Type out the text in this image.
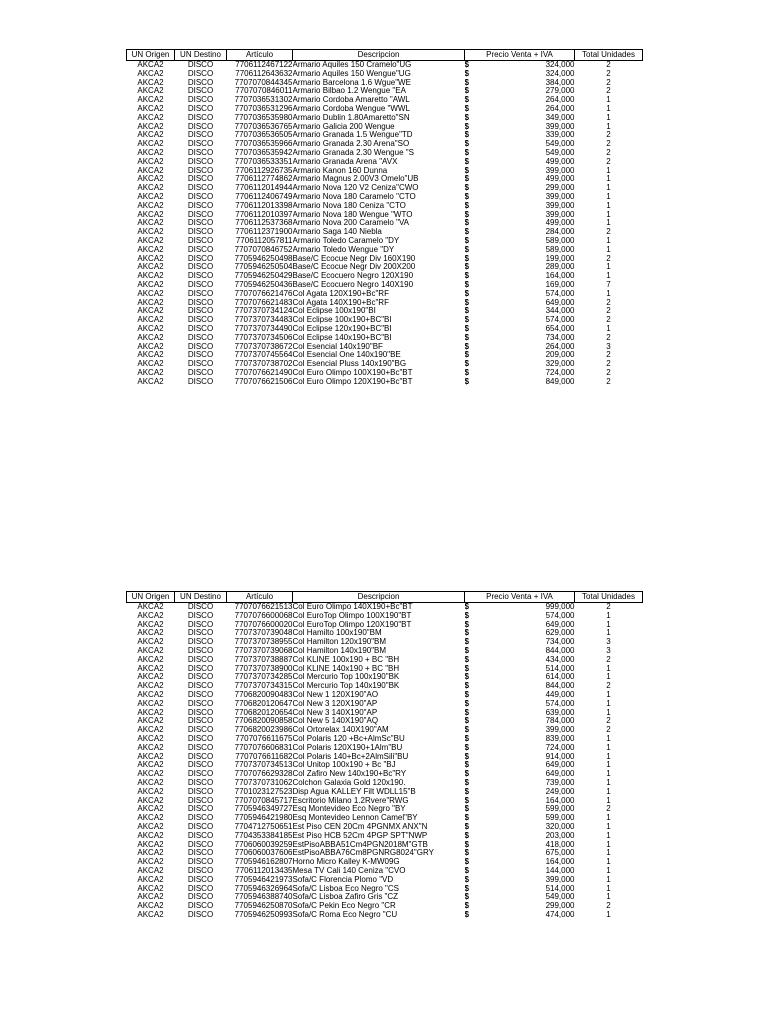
UN Origen	UN Destino	Artículo	Descripcion	Precio Venta + IVA		Total Unidades
AKCA2	DISCO	7706112467122	Armario Aquiles 150 Cramelo"UG	$	324,000	2
AKCA2	DISCO	7706112643632	Armario Aquiles 150 Wengue"UG	$	324,000	2
AKCA2	DISCO	7707070844345	Armario Barcelona 1.6 Wgue"WE	$	384,000	2
AKCA2	DISCO	7707070846011	Armario Bilbao 1.2 Wengue "EA	$	279,000	2
AKCA2	DISCO	7707036531302	Armario Cordoba Amaretto "AWL	$	264,000	1
AKCA2	DISCO	7707036531296	Armario Cordoba Wengue "WWL	$	264,000	1
AKCA2	DISCO	7707036535980	Armario Dublin 1.80Amaretto"SN	$	349,000	1
AKCA2	DISCO	7707036536765	Armario Galicia 200 Wengue	$	399,000	1
AKCA2	DISCO	7707036536505	Armario Granada 1.5 Wengue"TD	$	339,000	2
AKCA2	DISCO	7707036535966	Armario Granada 2.30 Arena"SO	$	549,000	2
AKCA2	DISCO	7707036535942	Armario Granada 2.30 Wengue "S	$	549,000	2
AKCA2	DISCO	7707036533351	Armario Granada Arena "AVX	$	499,000	2
AKCA2	DISCO	7706112926735	Armario Kanon 160 Dunna	$	399,000	1
AKCA2	DISCO	7706112774862	Armario Magnus 2.00V3 Omelo"UB	$	499,000	1
AKCA2	DISCO	7706112014944	Armario Nova 120 V2 Ceniza"CWO	$	299,000	1
AKCA2	DISCO	7706112406749	Armario Nova 180 Caramelo "CTO	$	399,000	1
AKCA2	DISCO	7706112013398	Armario Nova 180 Ceniza "CTO	$	399,000	1
AKCA2	DISCO	7706112010397	Armario Nova 180 Wengue "WTO	$	399,000	1
AKCA2	DISCO	7706112537368	Armario Nova 200 Caramelo "VA	$	499,000	1
AKCA2	DISCO	7706112371900	Armario Saga 140 Niebla	$	284,000	2
AKCA2	DISCO	7706112057811	Armario Toledo Caramelo "DY	$	589,000	1
AKCA2	DISCO	7707070846752	Armario Toledo Wengue "DY	$	589,000	1
AKCA2	DISCO	7705946250498	Base/C Ecocue Negr Div 160X190	$	199,000	2
AKCA2	DISCO	7705946250504	Base/C Ecocue Negr Div 200X200	$	289,000	1
AKCA2	DISCO	7705946250429	Base/C Ecocuero Negro 120X190	$	164,000	1
AKCA2	DISCO	7705946250436	Base/C Ecocuero Negro 140X190	$	169,000	7
AKCA2	DISCO	7707076621476	Col Agata 120X190+Bc"RF	$	574,000	1
AKCA2	DISCO	7707076621483	Col Agata 140X190+Bc"RF	$	649,000	2
AKCA2	DISCO	7707370734124	Col Eclipse 100x190"BI	$	344,000	2
AKCA2	DISCO	7707370734483	Col Eclipse 100x190+BC"BI	$	574,000	2
AKCA2	DISCO	7707370734490	Col Eclipse 120x190+BC"BI	$	654,000	1
AKCA2	DISCO	7707370734506	Col Eclipse 140x190+BC"BI	$	734,000	2
AKCA2	DISCO	7707370738672	Col Esencial 140x190"BF	$	264,000	3
AKCA2	DISCO	7707370745564	Col Esencial One 140x190"BE	$	209,000	2
AKCA2	DISCO	7707370738702	Col Esencial Pluss 140x190"BG	$	329,000	2
AKCA2	DISCO	7707076621490	Col Euro Olimpo 100X190+Bc"BT	$	724,000	2
AKCA2	DISCO	7707076621506	Col Euro Olimpo 120X190+Bc"BT	$	849,000	2
UN Origen	UN Destino	Artículo	Descripcion	Precio Venta + IVA		Total Unidades
AKCA2	DISCO	7707076621513	Col Euro Olimpo 140X190+Bc"BT	$	999,000	2
AKCA2	DISCO	7707076600068	Col EuroTop Olimpo 100X190"BT	$	574,000	1
AKCA2	DISCO	7707076600020	Col EuroTop Olimpo 120X190"BT	$	649,000	1
AKCA2	DISCO	7707370739048	Col Hamilto 100x190"BM	$	629,000	1
AKCA2	DISCO	7707370738955	Col Hamilton 120x190"BM	$	734,000	3
AKCA2	DISCO	7707370739068	Col Hamilton 140x190"BM	$	844,000	3
AKCA2	DISCO	7707370738887	Col KLINE 100x190 + BC "BH	$	434,000	2
AKCA2	DISCO	7707370738900	Col KLINE 140x190 + BC "BH	$	514,000	1
AKCA2	DISCO	7707370734285	Col Mercurio Top 100x190"BK	$	614,000	1
AKCA2	DISCO	7707370734315	Col Mercurio Top 140x190"BK	$	844,000	2
AKCA2	DISCO	7706820090483	Col New 1 120X190"AO	$	449,000	1
AKCA2	DISCO	7706820120647	Col New 3 120X190"AP	$	574,000	1
AKCA2	DISCO	7706820120654	Col New 3 140X190"AP	$	639,000	1
AKCA2	DISCO	7706820090858	Col New 5 140X190"AQ	$	784,000	2
AKCA2	DISCO	7706820023986	Col Ortorelax 140X190"AM	$	399,000	2
AKCA2	DISCO	7707076611675	Col Polaris 120 +Bc+AlmSc"BU	$	839,000	1
AKCA2	DISCO	7707076606831	Col Polaris 120X190+1Alm"BU	$	724,000	1
AKCA2	DISCO	7707076611682	Col Polaris 140+Bc+2AlmSili"BU	$	914,000	1
AKCA2	DISCO	7707370734513	Col Unitop 100x190 + Bc "BJ	$	649,000	1
AKCA2	DISCO	7707076629328	Col Zafiro New 140x190+Bc"RY	$	649,000	1
AKCA2	DISCO	7707370731062	Colchon Galaxia Gold 120x190.	$	739,000	1
AKCA2	DISCO	7701023127523	Disp Agua KALLEY Filt WDLL15"B	$	249,000	1
AKCA2	DISCO	7707070845717	Escritorio Milano 1.2Rvere"RWG	$	164,000	1
AKCA2	DISCO	7705946349727	Esq Montevideo Eco Negro "BY	$	599,000	2
AKCA2	DISCO	7705946421980	Esq Montevideo Lennon Camel"BY	$	599,000	1
AKCA2	DISCO	7704712750651	Est Piso CEN 20Cm 4PGNMX ANX"N	$	320,000	1
AKCA2	DISCO	7704353384185	Est Piso HCB 52Cm 4PGP SPT"NWP	$	203,000	1
AKCA2	DISCO	7706060039259	EstPisoABBA51Cm4PGN2018M"GTB	$	418,000	1
AKCA2	DISCO	7706060037606	EstPisoABBA76Cm8PGNRG8024"GRY	$	675,000	1
AKCA2	DISCO	7705946162807	Horno Micro Kalley K-MW09G	$	164,000	1
AKCA2	DISCO	7706112013435	Mesa TV Cali 140 Ceniza "CVO	$	144,000	1
AKCA2	DISCO	7705946421973	Sofa/C Florencia Plomo "VD	$	399,000	1
AKCA2	DISCO	7705946326964	Sofa/C Lisboa Eco Negro "CS	$	514,000	1
AKCA2	DISCO	7705946388740	Sofa/C Lisboa Zafiro Gris "CZ	$	549,000	1
AKCA2	DISCO	7705946250870	Sofa/C Pekin Eco Negro "CR	$	299,000	2
AKCA2	DISCO	7705946250993	Sofa/C Roma Eco Negro "CU	$	474,000	1
